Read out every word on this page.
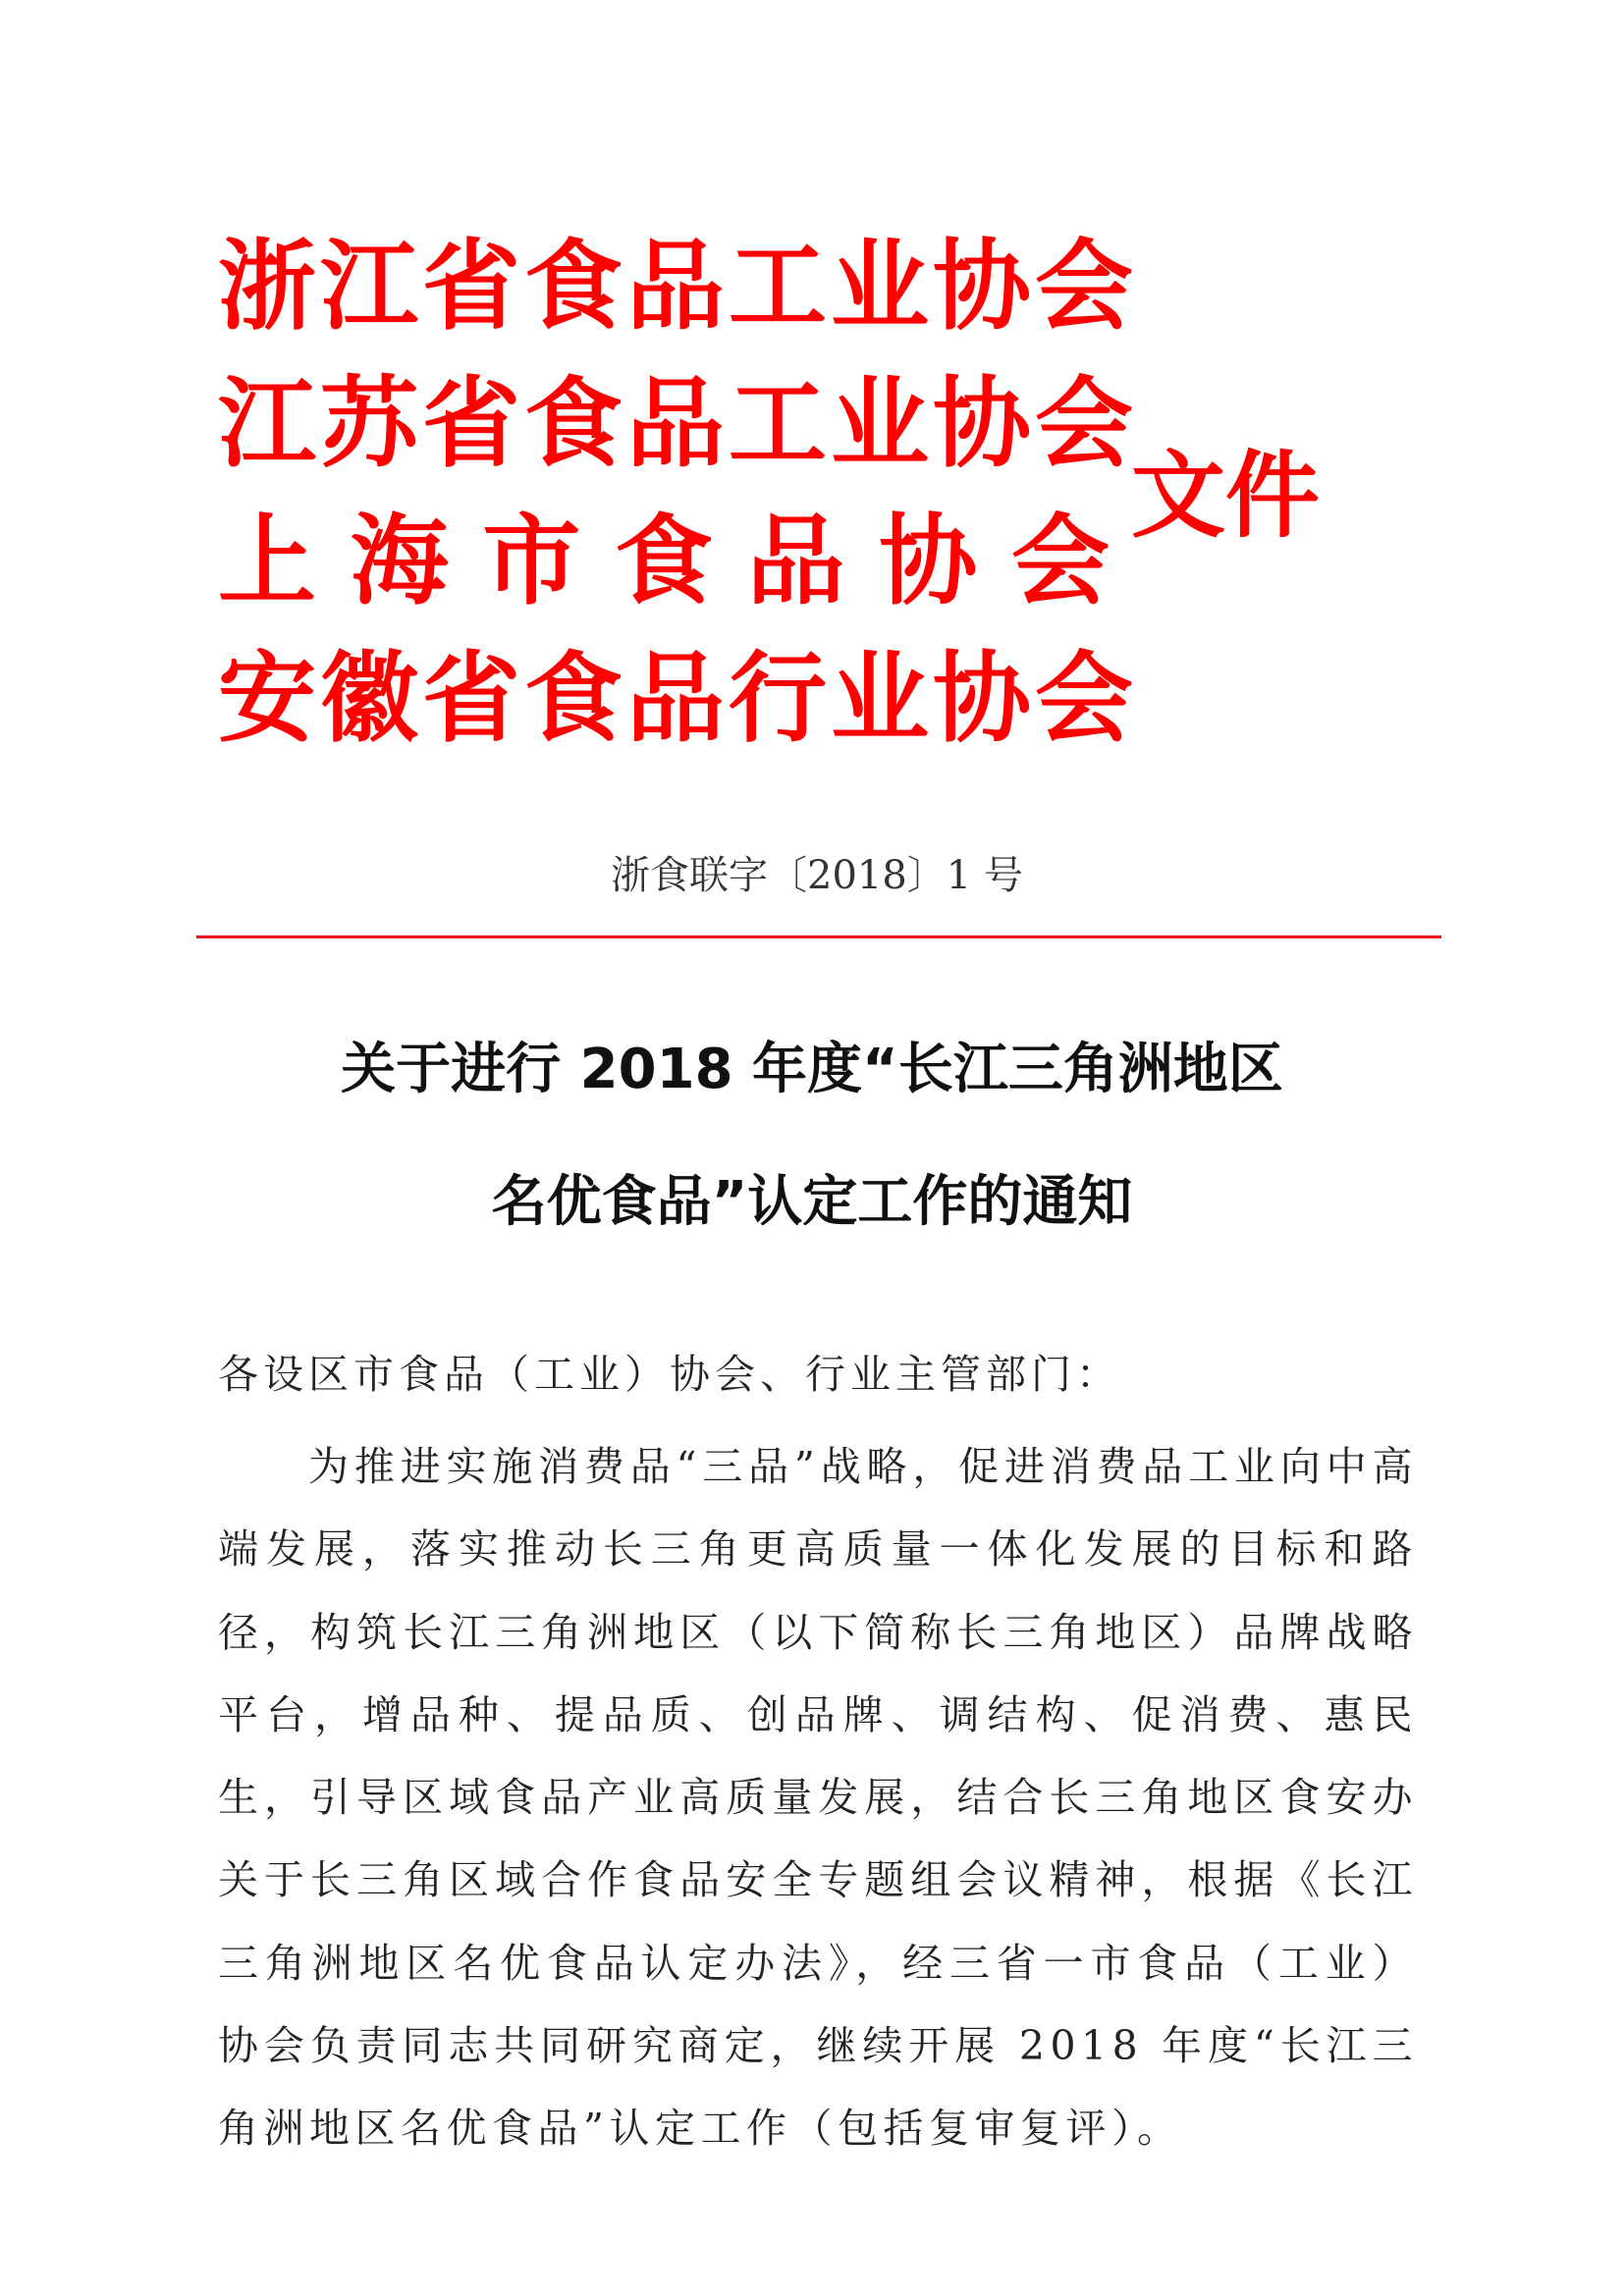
浙江省食品工业协会
江苏省食品工业协会
上 海 市 食 品 协 会
安徽省食品行业协会
文件
浙食联字〔2018〕1 号
关于进行 2018 年度“长江三角洲地区
名优食品”认定工作的通知
各设区市食品（工业）协会、行业主管部门：
为推进实施消费品“三品”战略，促进消费品工业向中高端发展，落实推动长三角更高质量一体化发展的目标和路径，构筑长江三角洲地区（以下简称长三角地区）品牌战略平台，增品种、提品质、创品牌、调结构、促消费、惠民生，引导区域食品产业高质量发展，结合长三角地区食安办关于长三角区域合作食品安全专题组会议精神，根据《长江三角洲地区名优食品认定办法》，经三省一市食品（工业）协会负责同志共同研究商定，继续开展 2018 年度“长江三角洲地区名优食品”认定工作（包括复审复评）。
